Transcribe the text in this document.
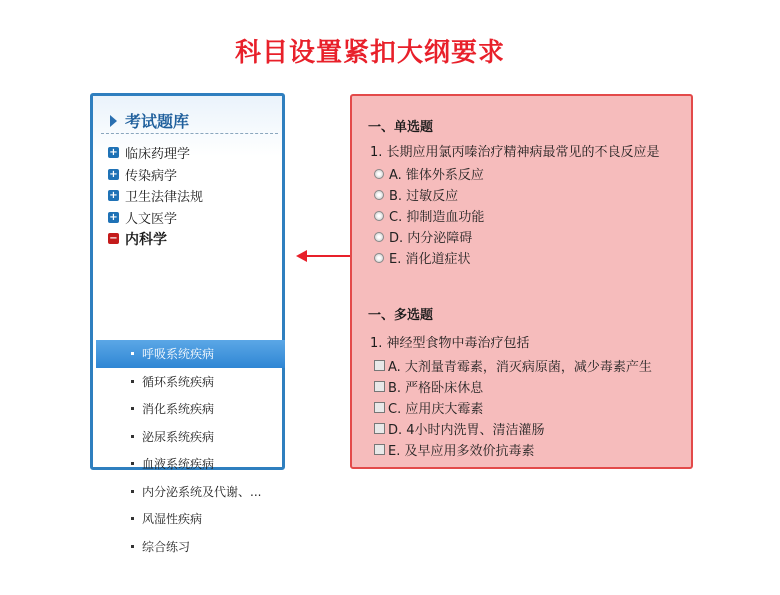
科目设置紧扣大纲要求
考试题库
+ 临床药理学
+ 传染病学
+ 卫生法律法规
+ 人文医学
− 内科学
呼吸系统疾病
循环系统疾病
消化系统疾病
泌尿系统疾病
血液系统疾病
内分泌系统及代谢、...
风湿性疾病
综合练习
一、单选题
1. 长期应用氯丙嗪治疗精神病最常见的不良反应是
A. 锥体外系反应
B. 过敏反应
C. 抑制造血功能
D. 内分泌障碍
E. 消化道症状
一、多选题
1. 神经型食物中毒治疗包括
A. 大剂量青霉素，消灭病原菌，减少毒素产生
B. 严格卧床休息
C. 应用庆大霉素
D. 4小时内洗胃、清洁灌肠
E. 及早应用多效价抗毒素
